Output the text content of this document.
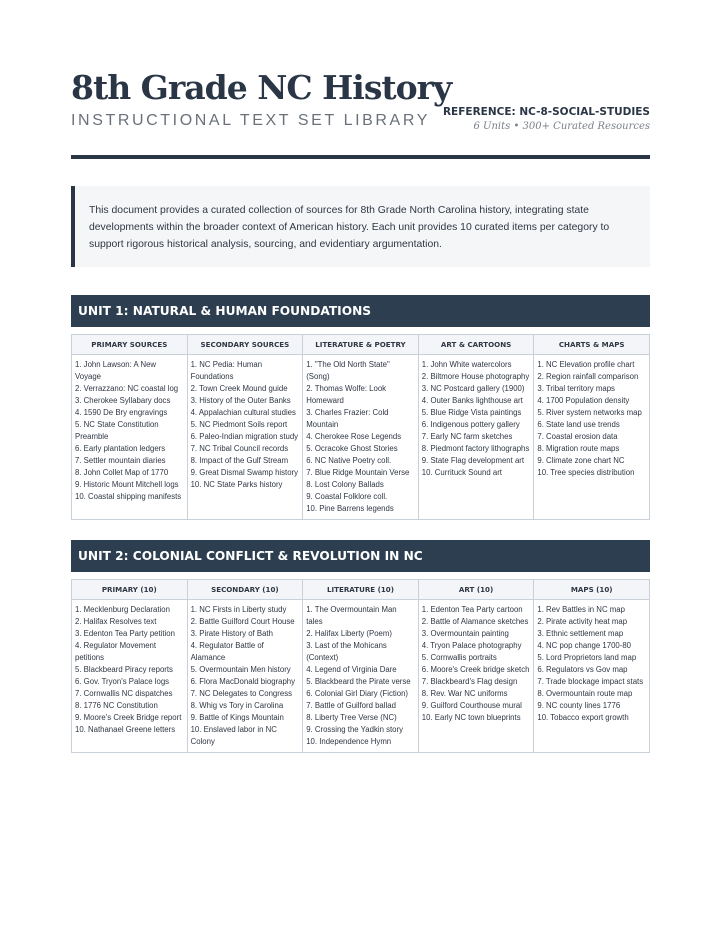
8th Grade NC History
INSTRUCTIONAL TEXT SET LIBRARY REFERENCE: NC-8-SOCIAL-STUDIES
6 Units • 300+ Curated Resources

This document provides a curated collection of sources for 8th Grade North Carolina history, integrating state developments within the broader context of American history. Each unit provides 10 curated items per category to support rigorous historical analysis, sourcing, and evidentiary argumentation.

UNIT 1: NATURAL & HUMAN FOUNDATIONS
PRIMARY SOURCES
1. John Lawson: A New Voyage
2. Verrazzano: NC coastal log
3. Cherokee Syllabary docs
4. 1590 De Bry engravings
5. NC State Constitution Preamble
6. Early plantation ledgers
7. Settler mountain diaries
8. John Collet Map of 1770
9. Historic Mount Mitchell logs
10. Coastal shipping manifests
SECONDARY SOURCES
1. NC Pedia: Human Foundations
2. Town Creek Mound guide
3. History of the Outer Banks
4. Appalachian cultural studies
5. NC Piedmont Soils report
6. Paleo-Indian migration study
7. NC Tribal Council records
8. Impact of the Gulf Stream
9. Great Dismal Swamp history
10. NC State Parks history
LITERATURE & POETRY
1. "The Old North State" (Song)
2. Thomas Wolfe: Look Homeward
3. Charles Frazier: Cold Mountain
4. Cherokee Rose Legends
5. Ocracoke Ghost Stories
6. NC Native Poetry coll.
7. Blue Ridge Mountain Verse
8. Lost Colony Ballads
9. Coastal Folklore coll.
10. Pine Barrens legends
ART & CARTOONS
1. John White watercolors
2. Biltmore House photography
3. NC Postcard gallery (1900)
4. Outer Banks lighthouse art
5. Blue Ridge Vista paintings
6. Indigenous pottery gallery
7. Early NC farm sketches
8. Piedmont factory lithographs
9. State Flag development art
10. Currituck Sound art
CHARTS & MAPS
1. NC Elevation profile chart
2. Region rainfall comparison
3. Tribal territory maps
4. 1700 Population density
5. River system networks map
6. State land use trends
7. Coastal erosion data
8. Migration route maps
9. Climate zone chart NC
10. Tree species distribution
UNIT 2: COLONIAL CONFLICT & REVOLUTION IN NC
PRIMARY (10)
1. Mecklenburg Declaration
2. Halifax Resolves text
3. Edenton Tea Party petition
4. Regulator Movement petitions
5. Blackbeard Piracy reports
6. Gov. Tryon's Palace logs
7. Cornwallis NC dispatches
8. 1776 NC Constitution
9. Moore's Creek Bridge report
10. Nathanael Greene letters
SECONDARY (10)
1. NC Firsts in Liberty study
2. Battle Guilford Court House
3. Pirate History of Bath
4. Regulator Battle of Alamance
5. Overmountain Men history
6. Flora MacDonald biography
7. NC Delegates to Congress
8. Whig vs Tory in Carolina
9. Battle of Kings Mountain
10. Enslaved labor in NC Colony
LITERATURE (10)
1. The Overmountain Man tales
2. Halifax Liberty (Poem)
3. Last of the Mohicans (Context)
4. Legend of Virginia Dare
5. Blackbeard the Pirate verse
6. Colonial Girl Diary (Fiction)
7. Battle of Guilford ballad
8. Liberty Tree Verse (NC)
9. Crossing the Yadkin story
10. Independence Hymn
ART (10)
1. Edenton Tea Party cartoon
2. Battle of Alamance sketches
3. Overmountain painting
4. Tryon Palace photography
5. Cornwallis portraits
6. Moore's Creek bridge sketch
7. Blackbeard's Flag design
8. Rev. War NC uniforms
9. Guilford Courthouse mural
10. Early NC town blueprints
MAPS (10)
1. Rev Battles in NC map
2. Pirate activity heat map
3. Ethnic settlement map
4. NC pop change 1700-80
5. Lord Proprietors land map
6. Regulators vs Gov map
7. Trade blockage impact stats
8. Overmountain route map
9. NC county lines 1776
10. Tobacco export growth
